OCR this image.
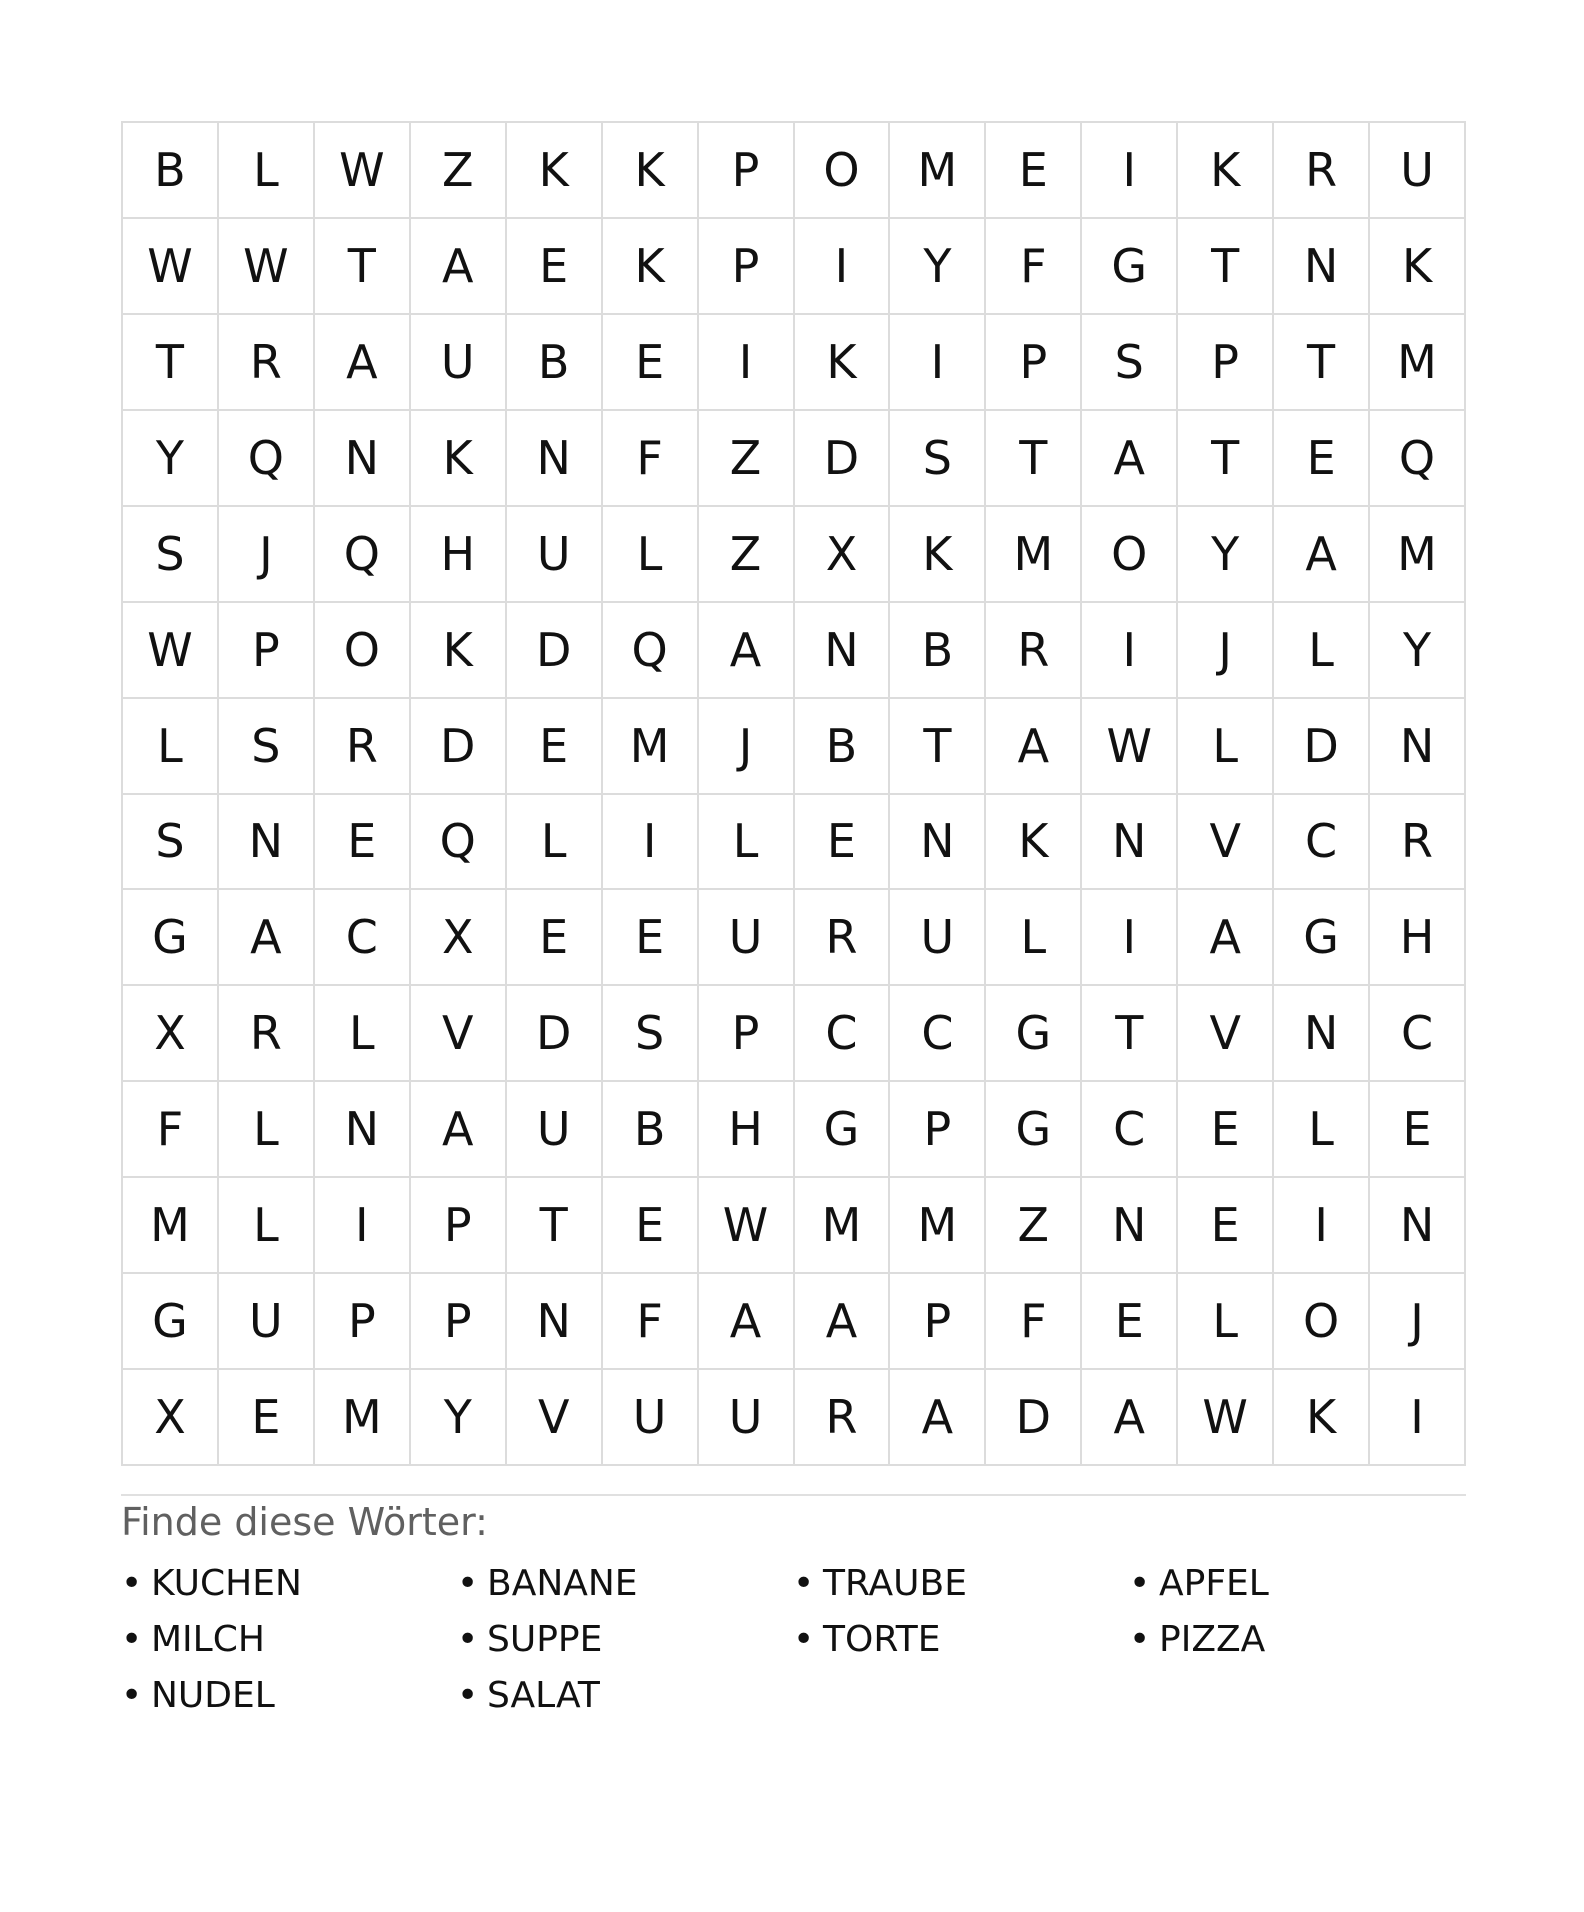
B	L	W	Z	K	K	P	O	M	E	I	K	R	U
W	W	T	A	E	K	P	I	Y	F	G	T	N	K
T	R	A	U	B	E	I	K	I	P	S	P	T	M
Y	Q	N	K	N	F	Z	D	S	T	A	T	E	Q
S	J	Q	H	U	L	Z	X	K	M	O	Y	A	M
W	P	O	K	D	Q	A	N	B	R	I	J	L	Y
L	S	R	D	E	M	J	B	T	A	W	L	D	N
S	N	E	Q	L	I	L	E	N	K	N	V	C	R
G	A	C	X	E	E	U	R	U	L	I	A	G	H
X	R	L	V	D	S	P	C	C	G	T	V	N	C
F	L	N	A	U	B	H	G	P	G	C	E	L	E
M	L	I	P	T	E	W	M	M	Z	N	E	I	N
G	U	P	P	N	F	A	A	P	F	E	L	O	J
X	E	M	Y	V	U	U	R	A	D	A	W	K	I
Finde diese Wörter:
• KUCHEN	• BANANE	• TRAUBE	• APFEL
• MILCH	• SUPPE	• TORTE	• PIZZA
• NUDEL	• SALAT
